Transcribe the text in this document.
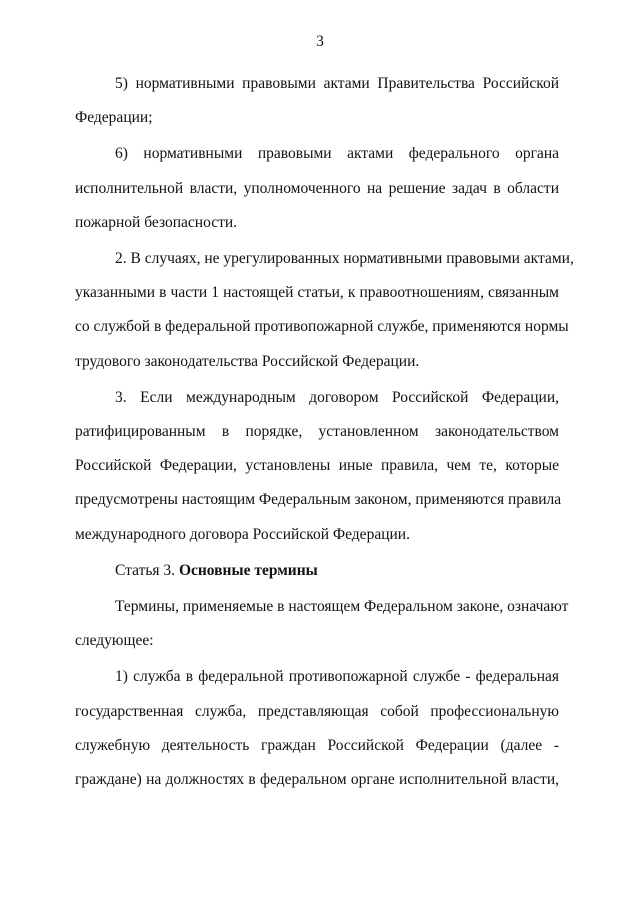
3
5) нормативными правовыми актами Правительства Российской
Федерации;
6) нормативными правовыми актами федерального органа
исполнительной власти, уполномоченного на решение задач в области
пожарной безопасности.
2. В случаях, не урегулированных нормативными правовыми актами,
указанными в части 1 настоящей статьи, к правоотношениям, связанным
со службой в федеральной противопожарной службе, применяются нормы
трудового законодательства Российской Федерации.
3. Если международным договором Российской Федерации,
ратифицированным в порядке, установленном законодательством
Российской Федерации, установлены иные правила, чем те, которые
предусмотрены настоящим Федеральным законом, применяются правила
международного договора Российской Федерации.
Статья 3. Основные термины
Термины, применяемые в настоящем Федеральном законе, означают
следующее:
1) служба в федеральной противопожарной службе - федеральная
государственная служба, представляющая собой профессиональную
служебную деятельность граждан Российской Федерации (далее -
граждане) на должностях в федеральном органе исполнительной власти,
